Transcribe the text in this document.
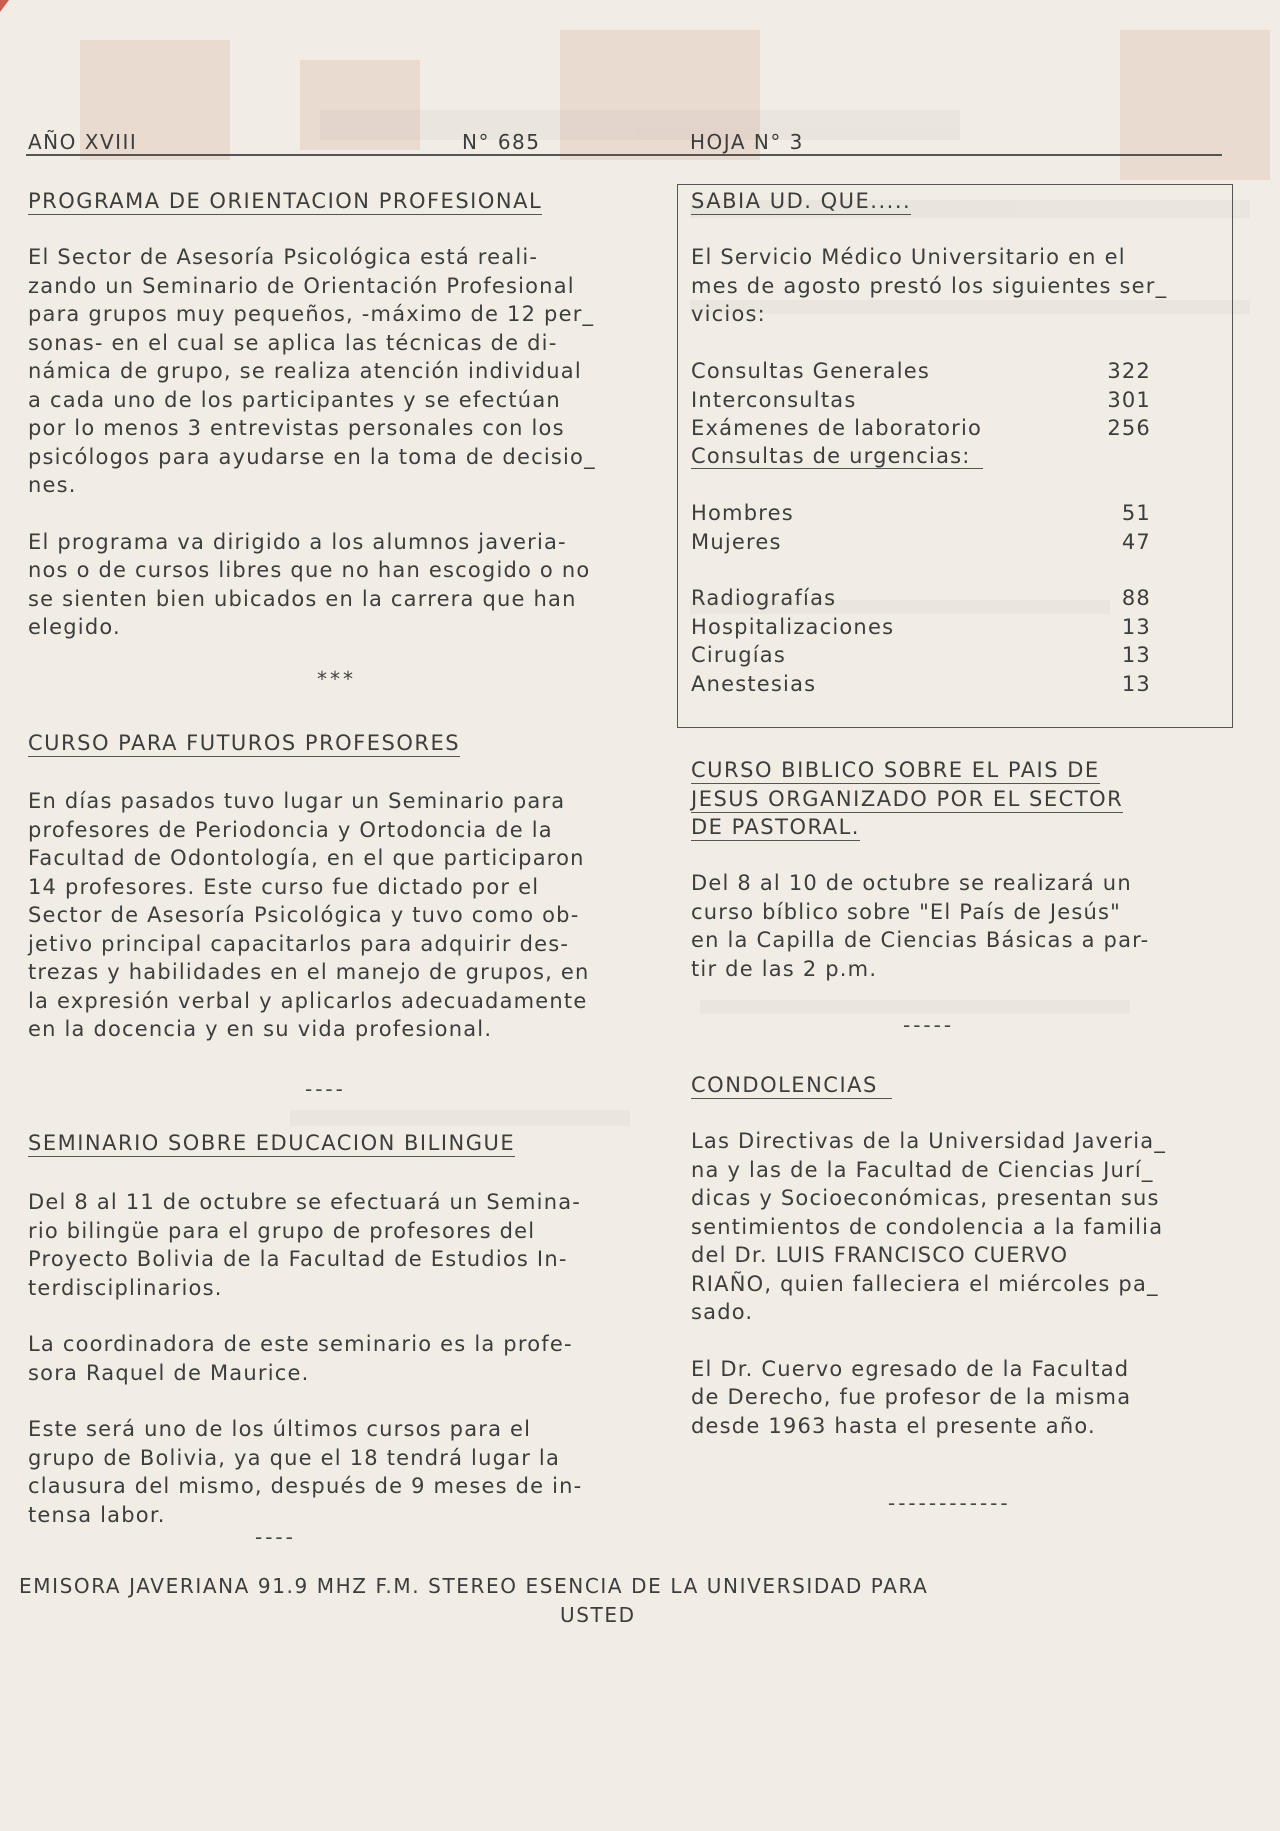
AÑO XVIII	N° 685	HOJA N° 3
PROGRAMA DE ORIENTACION PROFESIONAL
El Sector de Asesoría Psicológica está reali-
zando un Seminario de Orientación Profesional
para grupos muy pequeños, -máximo de 12 per_
sonas- en el cual se aplica las técnicas de di-
námica de grupo, se realiza atención individual
a cada uno de los participantes y se efectúan
por lo menos 3 entrevistas personales con los
psicólogos para ayudarse en la toma de decisio_
nes.
El programa va dirigido a los alumnos javeria-
nos o de cursos libres que no han escogido o no
se sienten bien ubicados en la carrera que han
elegido.
***
CURSO PARA FUTUROS PROFESORES
En días pasados tuvo lugar un Seminario para
profesores de Periodoncia y Ortodoncia de la
Facultad de Odontología, en el que participaron
14 profesores. Este curso fue dictado por el
Sector de Asesoría Psicológica y tuvo como ob-
jetivo principal capacitarlos para adquirir des-
trezas y habilidades en el manejo de grupos, en
la expresión verbal y aplicarlos adecuadamente
en la docencia y en su vida profesional.
----
SEMINARIO SOBRE EDUCACION BILINGUE
Del 8 al 11 de octubre se efectuará un Semina-
rio bilingüe para el grupo de profesores del
Proyecto Bolivia de la Facultad de Estudios In-
terdisciplinarios.
La coordinadora de este seminario es la profe-
sora Raquel de Maurice.
Este será uno de los últimos cursos para el
grupo de Bolivia, ya que el 18 tendrá lugar la
clausura del mismo, después de 9 meses de in-
tensa labor.
----
SABIA UD. QUE.....
El Servicio Médico Universitario en el
mes de agosto prestó los siguientes ser_
vicios:
Consultas Generales	322
Interconsultas	301
Exámenes de laboratorio	256
Consultas de urgencias:
Hombres	51
Mujeres	47
Radiografías	88
Hospitalizaciones	13
Cirugías	13
Anestesias	13
CURSO BIBLICO SOBRE EL PAIS DE
JESUS ORGANIZADO POR EL SECTOR
DE PASTORAL.
Del 8 al 10 de octubre se realizará un
curso bíblico sobre "El País de Jesús"
en la Capilla de Ciencias Básicas a par-
tir de las 2 p.m.
-----
CONDOLENCIAS
Las Directivas de la Universidad Javeria_
na y las de la Facultad de Ciencias Jurí_
dicas y Socioeconómicas, presentan sus
sentimientos de condolencia a la familia
del Dr. LUIS FRANCISCO CUERVO
RIAÑO, quien falleciera el miércoles pa_
sado.
El Dr. Cuervo egresado de la Facultad
de Derecho, fue profesor de la misma
desde 1963 hasta el presente año.
------------
EMISORA JAVERIANA 91.9 MHZ F.M. STEREO ESENCIA DE LA UNIVERSIDAD PARA
USTED
